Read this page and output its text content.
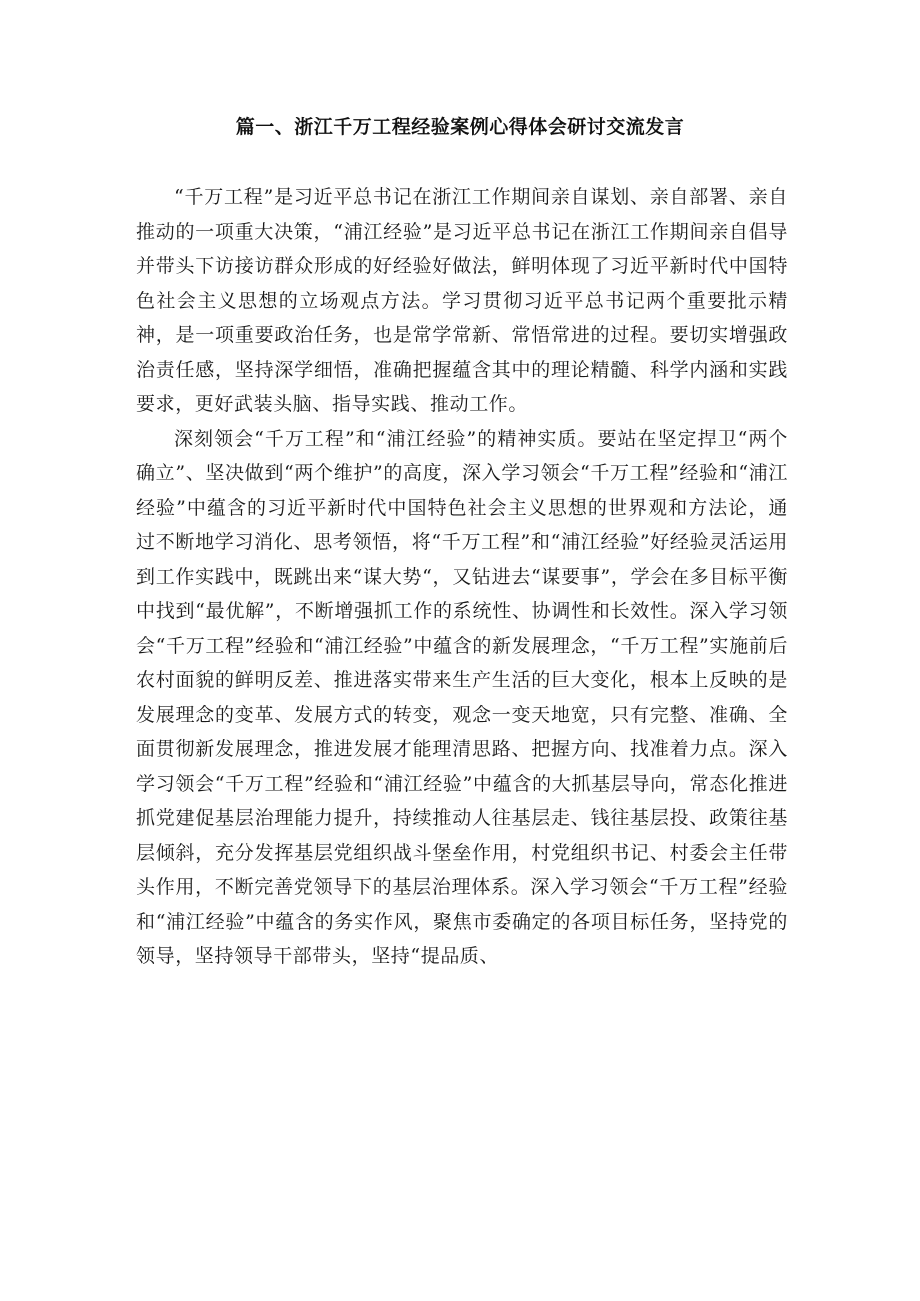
篇一、浙江千万工程经验案例心得体会研讨交流发言

“千万工程”是习近平总书记在浙江工作期间亲自谋划、亲自部署、亲自推动的一项重大决策，“浦江经验”是习近平总书记在浙江工作期间亲自倡导并带头下访接访群众形成的好经验好做法，鲜明体现了习近平新时代中国特色社会主义思想的立场观点方法。学习贯彻习近平总书记两个重要批示精神，是一项重要政治任务，也是常学常新、常悟常进的过程。要切实增强政治责任感，坚持深学细悟，准确把握蕴含其中的理论精髓、科学内涵和实践要求，更好武装头脑、指导实践、推动工作。

深刻领会“千万工程”和“浦江经验”的精神实质。要站在坚定捍卫“两个确立”、坚决做到“两个维护”的高度，深入学习领会“千万工程”经验和“浦江经验”中蕴含的习近平新时代中国特色社会主义思想的世界观和方法论，通过不断地学习消化、思考领悟，将“千万工程”和“浦江经验”好经验灵活运用到工作实践中，既跳出来“谋大势“，又钻进去“谋要事”，学会在多目标平衡中找到“最优解”，不断增强抓工作的系统性、协调性和长效性。深入学习领会“千万工程”经验和“浦江经验”中蕴含的新发展理念，“千万工程”实施前后农村面貌的鲜明反差、推进落实带来生产生活的巨大变化，根本上反映的是发展理念的变革、发展方式的转变，观念一变天地宽，只有完整、准确、全面贯彻新发展理念，推进发展才能理清思路、把握方向、找准着力点。深入学习领会“千万工程”经验和“浦江经验”中蕴含的大抓基层导向，常态化推进抓党建促基层治理能力提升，持续推动人往基层走、钱往基层投、政策往基层倾斜，充分发挥基层党组织战斗堡垒作用，村党组织书记、村委会主任带头作用，不断完善党领导下的基层治理体系。深入学习领会“千万工程”经验和“浦江经验”中蕴含的务实作风，聚焦市委确定的各项目标任务，坚持党的领导，坚持领导干部带头，坚持“提品质、
